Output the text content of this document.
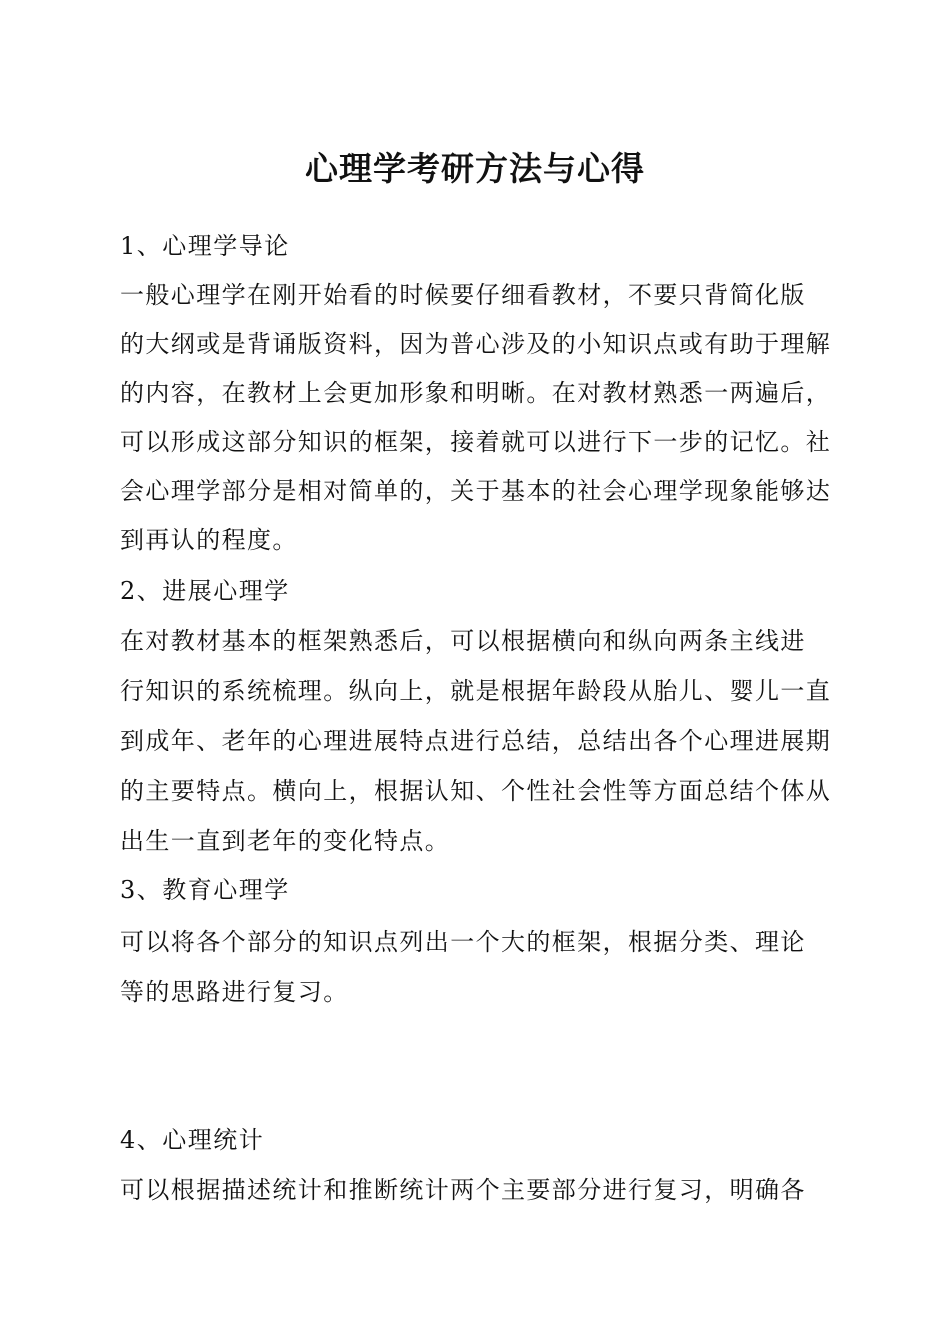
心理学考研方法与心得
1、心理学导论
一般心理学在刚开始看的时候要仔细看教材，不要只背简化版
的大纲或是背诵版资料，因为普心涉及的小知识点或有助于理解
的内容，在教材上会更加形象和明晰。在对教材熟悉一两遍后，
可以形成这部分知识的框架，接着就可以进行下一步的记忆。社
会心理学部分是相对简单的，关于基本的社会心理学现象能够达
到再认的程度。
2、进展心理学
在对教材基本的框架熟悉后，可以根据横向和纵向两条主线进
行知识的系统梳理。纵向上，就是根据年龄段从胎儿、婴儿一直
到成年、老年的心理进展特点进行总结，总结出各个心理进展期
的主要特点。横向上，根据认知、个性社会性等方面总结个体从
出生一直到老年的变化特点。
3、教育心理学
可以将各个部分的知识点列出一个大的框架，根据分类、理论
等的思路进行复习。
4、心理统计
可以根据描述统计和推断统计两个主要部分进行复习，明确各
